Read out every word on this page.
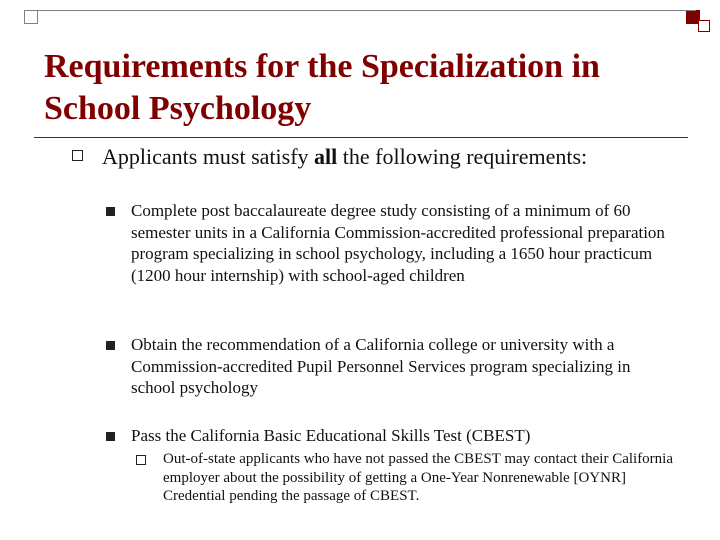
Requirements for the Specialization in School Psychology
Applicants must satisfy all the following requirements:
Complete post baccalaureate degree study consisting of a minimum of 60 semester units in a California Commission-accredited professional preparation program specializing in school psychology, including a 1650 hour practicum (1200 hour internship) with school-aged children
Obtain the recommendation of a California college or university with a Commission-accredited Pupil Personnel Services program specializing in school psychology
Pass the California Basic Educational Skills Test (CBEST)
Out-of-state applicants who have not passed the CBEST may contact their California employer about the possibility of getting a One-Year Nonrenewable [OYNR] Credential pending the passage of CBEST.
